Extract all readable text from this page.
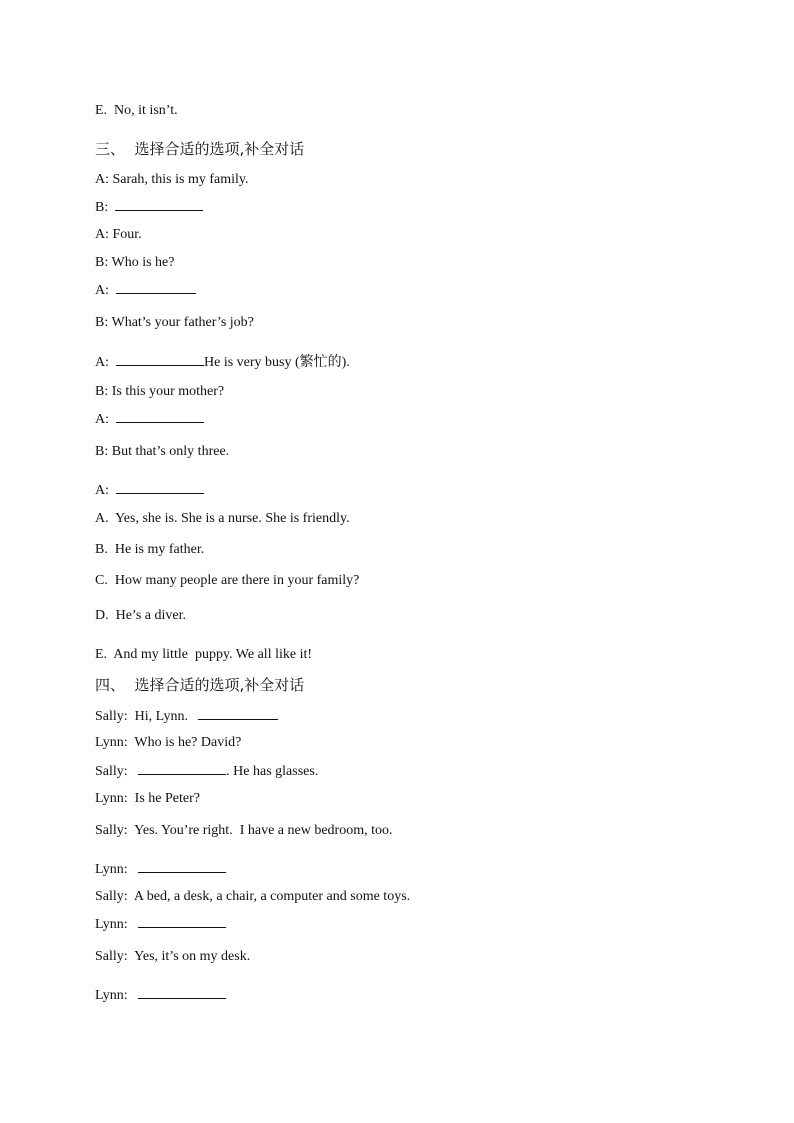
E.  No, it isn’t.
三、  选择合适的选项,补全对话
A: Sarah, this is my family.
B:
A: Four.
B: Who is he?
A:
B: What’s your father’s job?
A:	He is very busy (繁忙的).
B: Is this your mother?
A:
B: But that’s only three.
A:
A.  Yes, she is. She is a nurse. She is friendly.
B.  He is my father.
C.  How many people are there in your family?
D.  He’s a diver.
E.  And my little  puppy. We all like it!
四、  选择合适的选项,补全对话
Sally:  Hi, Lynn.
Lynn:  Who is he? David?
Sally:	. He has glasses.
Lynn:  Is he Peter?
Sally:  Yes. You’re right.  I have a new bedroom, too.
Lynn:
Sally:  A bed, a desk, a chair, a computer and some toys.
Lynn:
Sally:  Yes, it’s on my desk.
Lynn:
